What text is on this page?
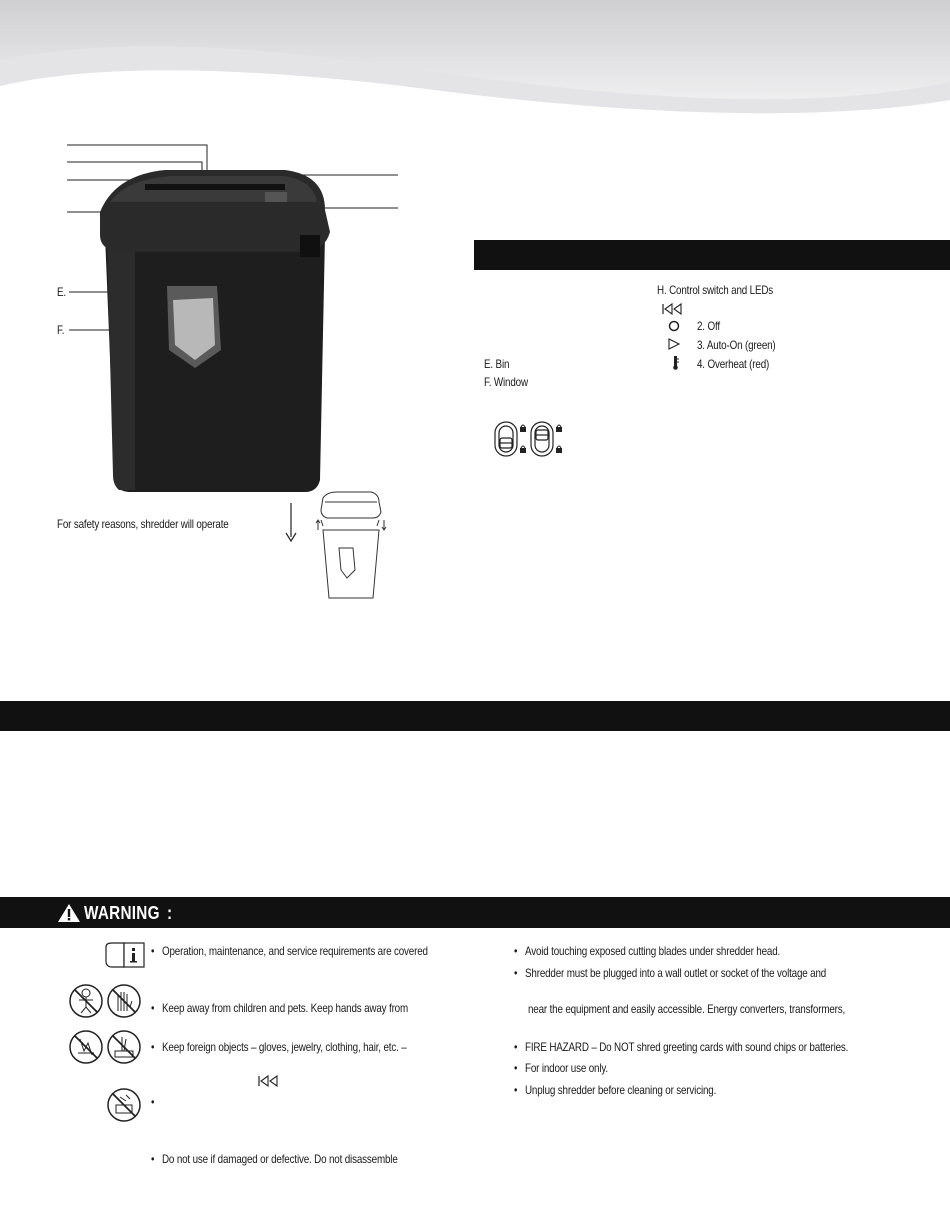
E.
F.
For safety reasons, shredder will operate
H. Control switch and LEDs
2. Off
3. Auto-On (green)
4. Overheat (red)
E. Bin
F. Window
WARNING :
•   Operation, maintenance, and service requirements are covered
•   Keep away from children and pets. Keep hands away from
•   Keep foreign objects – gloves, jewelry, clothing, hair, etc. –
•
•   Do not use if damaged or defective. Do not disassemble
•   Avoid touching exposed cutting blades under shredder head.
•   Shredder must be plugged into a wall outlet or socket of the voltage and
near the equipment and easily accessible. Energy converters, transformers,
•   FIRE HAZARD – Do NOT shred greeting cards with sound chips or batteries.
•   For indoor use only.
•   Unplug shredder before cleaning or servicing.
